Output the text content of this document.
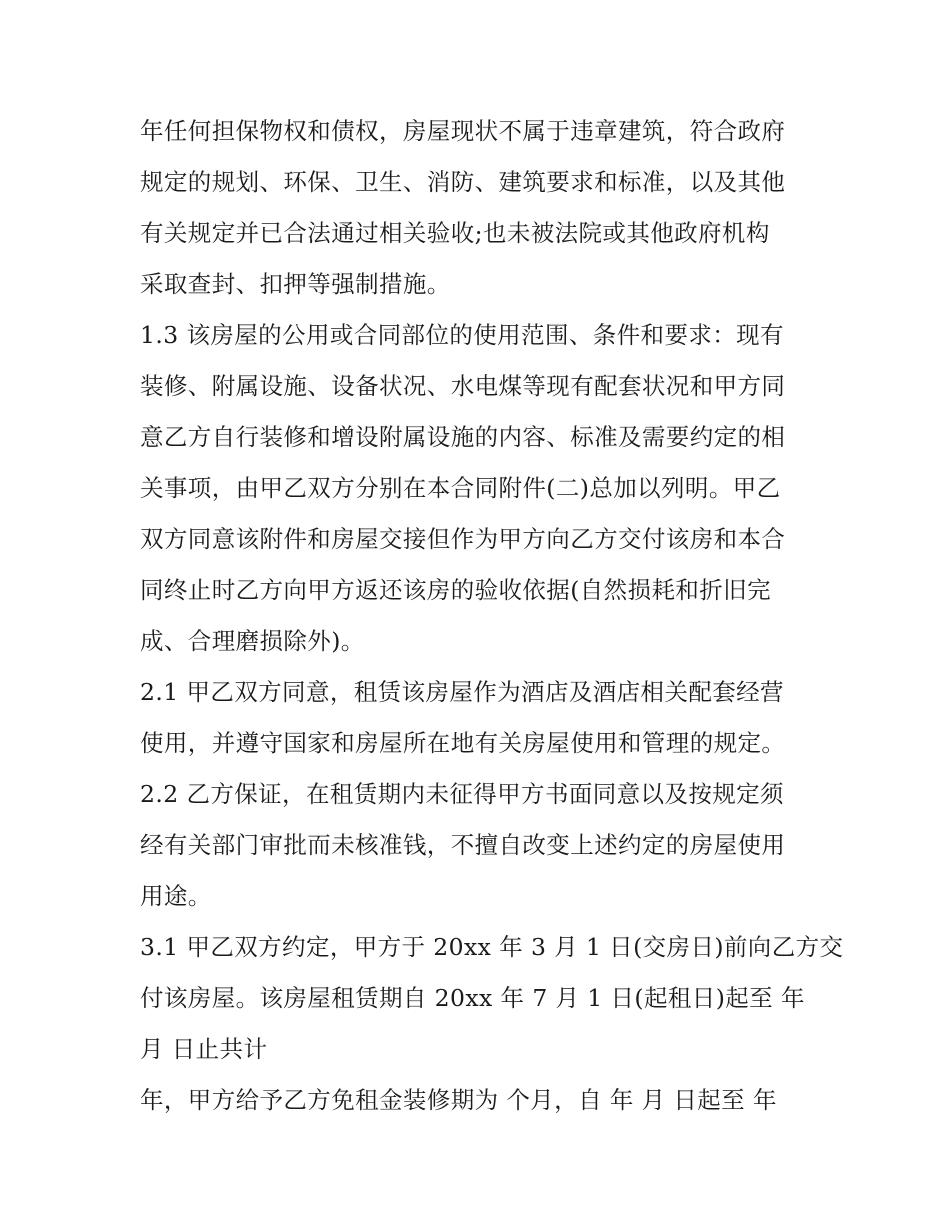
年任何担保物权和债权，房屋现状不属于违章建筑，符合政府
规定的规划、环保、卫生、消防、建筑要求和标准，以及其他
有关规定并已合法通过相关验收;也未被法院或其他政府机构
采取查封、扣押等强制措施。
1.3 该房屋的公用或合同部位的使用范围、条件和要求：现有
装修、附属设施、设备状况、水电煤等现有配套状况和甲方同
意乙方自行装修和增设附属设施的内容、标准及需要约定的相
关事项，由甲乙双方分别在本合同附件(二)总加以列明。甲乙
双方同意该附件和房屋交接但作为甲方向乙方交付该房和本合
同终止时乙方向甲方返还该房的验收依据(自然损耗和折旧完
成、合理磨损除外)。
2.1 甲乙双方同意，租赁该房屋作为酒店及酒店相关配套经营
使用，并遵守国家和房屋所在地有关房屋使用和管理的规定。
2.2 乙方保证，在租赁期内未征得甲方书面同意以及按规定须
经有关部门审批而未核准钱，不擅自改变上述约定的房屋使用
用途。
3.1 甲乙双方约定，甲方于 20xx 年 3 月 1 日(交房日)前向乙方交
付该房屋。该房屋租赁期自 20xx 年 7 月 1 日(起租日)起至 年
月 日止共计
年，甲方给予乙方免租金装修期为 个月，自 年 月 日起至 年
